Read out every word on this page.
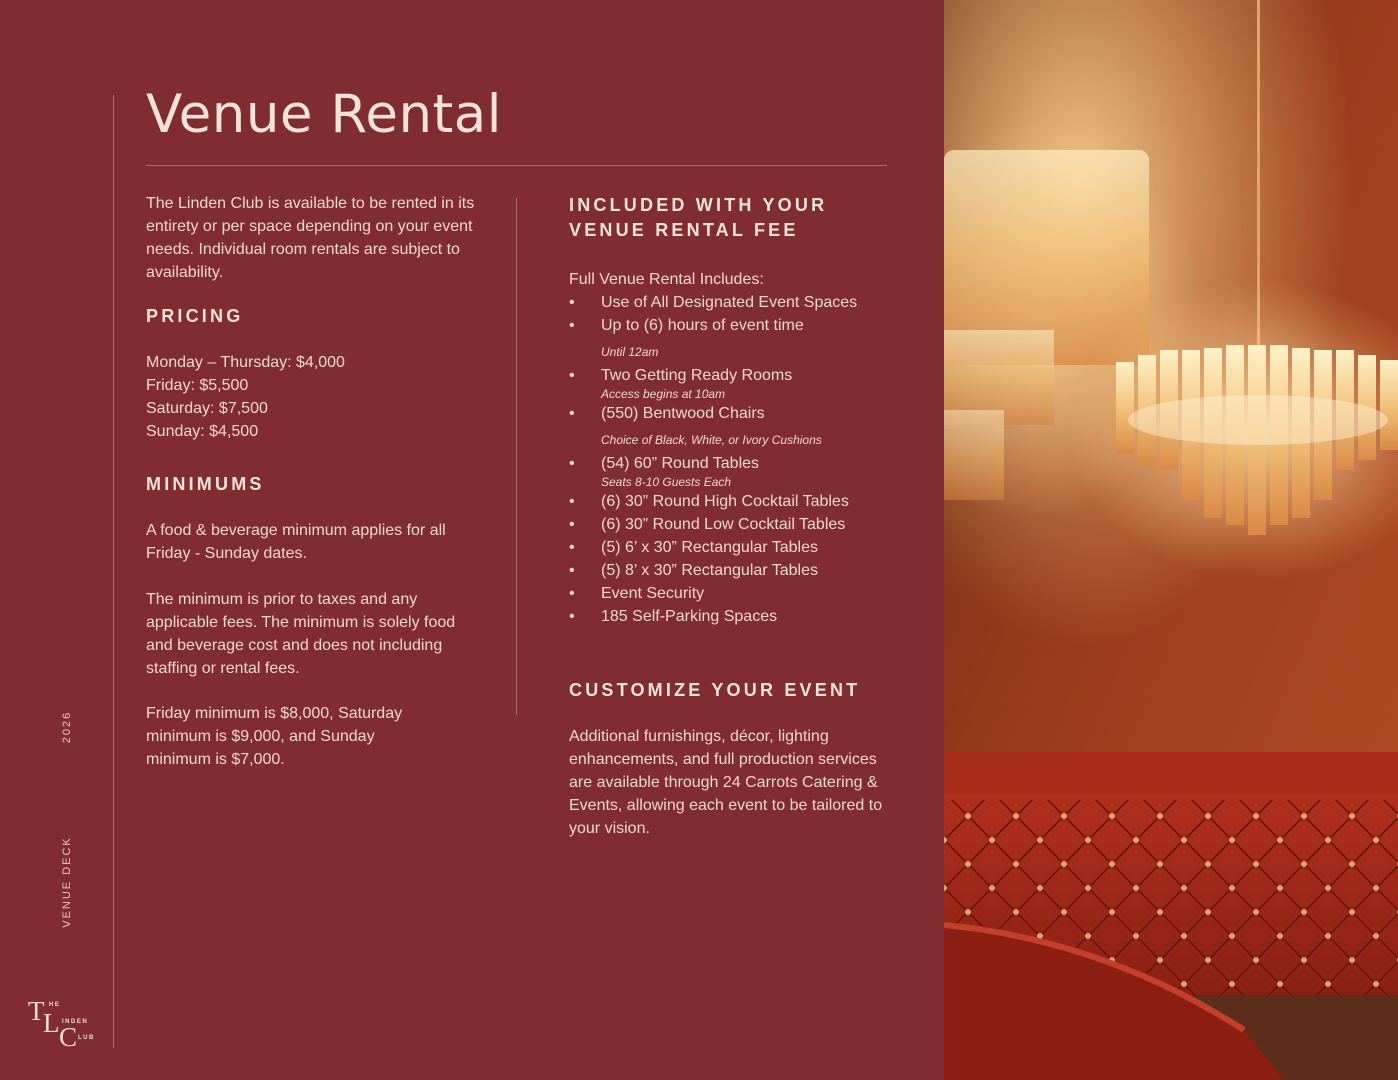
2026
VENUE DECK
T HE
L INDEN
C LUB
Venue Rental

The Linden Club is available to be rented in its entirety or per space depending on your event needs. Individual room rentals are subject to availability.

PRICING
Monday – Thursday: $4,000
Friday: $5,500
Saturday: $7,500
Sunday: $4,500
MINIMUMS

A food & beverage minimum applies for all Friday - Sunday dates.

The minimum is prior to taxes and any applicable fees. The minimum is solely food and beverage cost and does not including staffing or rental fees.

Friday minimum is $8,000, Saturday minimum is $9,000, and Sunday minimum is $7,000.

INCLUDED WITH YOUR
VENUE RENTAL FEE

Full Venue Rental Includes:

• Use of All Designated Event Spaces
• Up to (6) hours of event time
Until 12am
• Two Getting Ready Rooms
Access begins at 10am
• (550) Bentwood Chairs
Choice of Black, White, or Ivory Cushions
• (54) 60” Round Tables
Seats 8-10 Guests Each
• (6) 30” Round High Cocktail Tables
• (6) 30” Round Low Cocktail Tables
• (5) 6’ x 30” Rectangular Tables
• (5) 8’ x 30” Rectangular Tables
• Event Security
• 185 Self-Parking Spaces
CUSTOMIZE YOUR EVENT

Additional furnishings, décor, lighting enhancements, and full production services are available through 24 Carrots Catering & Events, allowing each event to be tailored to your vision.
